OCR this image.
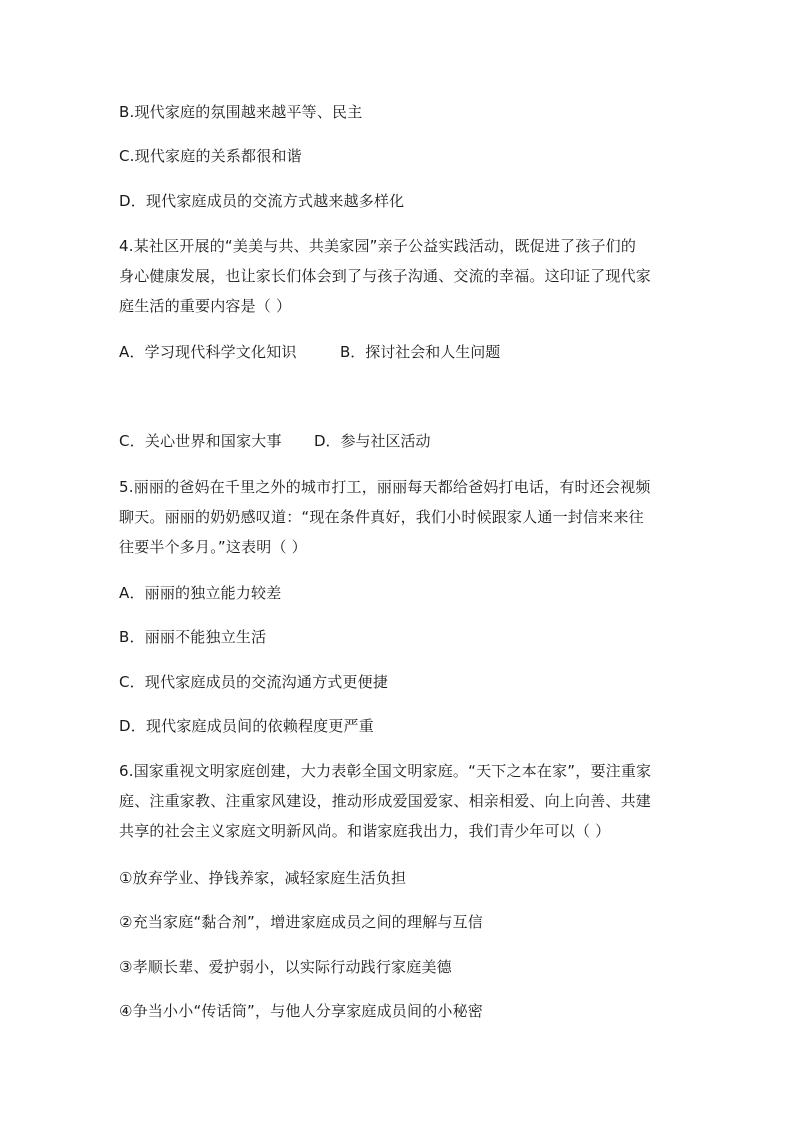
B.现代家庭的氛围越来越平等、民主
C.现代家庭的关系都很和谐
D．现代家庭成员的交流方式越来越多样化
4.某社区开展的“美美与共、共美家园”亲子公益实践活动，既促进了孩子们的
身心健康发展，也让家长们体会到了与孩子沟通、交流的幸福。这印证了现代家
庭生活的重要内容是（ ）
A．学习现代科学文化知识	B．探讨社会和人生问题
C．关心世界和国家大事	D．参与社区活动
5.丽丽的爸妈在千里之外的城市打工，丽丽每天都给爸妈打电话，有时还会视频
聊天。丽丽的奶奶感叹道：“现在条件真好，我们小时候跟家人通一封信来来往
往要半个多月。”这表明（ ）
A．丽丽的独立能力较差
B．丽丽不能独立生活
C．现代家庭成员的交流沟通方式更便捷
D．现代家庭成员间的依赖程度更严重
6.国家重视文明家庭创建，大力表彰全国文明家庭。“天下之本在家”，要注重家
庭、注重家教、注重家风建设，推动形成爱国爱家、相亲相爱、向上向善、共建
共享的社会主义家庭文明新风尚。和谐家庭我出力，我们青少年可以（ ）
①放弃学业、挣钱养家，减轻家庭生活负担
②充当家庭“黏合剂”，增进家庭成员之间的理解与互信
③孝顺长辈、爱护弱小，以实际行动践行家庭美德
④争当小小“传话筒”，与他人分享家庭成员间的小秘密
